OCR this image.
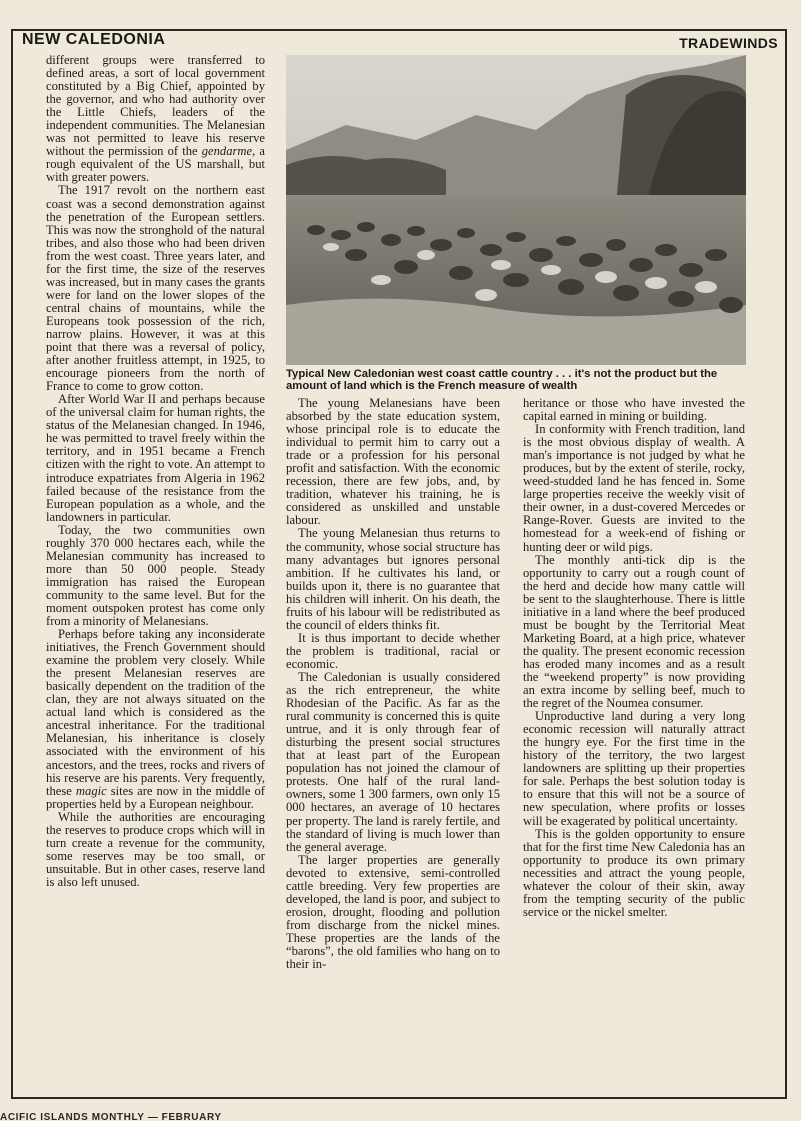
NEW CALEDONIA	TRADEWINDS

different groups were transferred to defined areas, a sort of local government constituted by a Big Chief, appointed by the governor, and who had authority over the Little Chiefs, leaders of the independent communities. The Melanesian was not permitted to leave his reserve without the permission of the gendarme, a rough equivalent of the US marshall, but with greater powers.

The 1917 revolt on the northern east coast was a second demonstration against the penetration of the European settlers. This was now the stronghold of the natural tribes, and also those who had been driven from the west coast. Three years later, and for the first time, the size of the reserves was increased, but in many cases the grants were for land on the lower slopes of the central chains of mountains, while the Europeans took possession of the rich, narrow plains. However, it was at this point that there was a reversal of policy, after another fruitless attempt, in 1925, to encourage pioneers from the north of France to come to grow cotton.

After World War II and perhaps because of the universal claim for human rights, the status of the Melanesian changed. In 1946, he was permitted to travel freely within the territory, and in 1951 became a French citizen with the right to vote. An attempt to introduce expatriates from Algeria in 1962 failed because of the resistance from the European population as a whole, and the landowners in particular.

Today, the two communities own roughly 370 000 hectares each, while the Melanesian community has increased to more than 50 000 people. Steady immigration has raised the European community to the same level. But for the moment outspoken protest has come only from a minority of Melanesians.

Perhaps before taking any inconsiderate initiatives, the French Government should examine the problem very closely. While the present Melanesian reserves are basically dependent on the tradition of the clan, they are not always situated on the actual land which is considered as the ancestral inheritance. For the traditional Melanesian, his inheritance is closely associated with the environment of his ancestors, and the trees, rocks and rivers of his reserve are his parents. Very frequently, these magic sites are now in the middle of properties held by a European neighbour.

While the authorities are encouraging the reserves to produce crops which will in turn create a revenue for the community, some reserves may be too small, or unsuitable. But in other cases, reserve land is also left unused.

Typical New Caledonian west coast cattle country . . . it's not the product but the amount of land which is the French measure of wealth

The young Melanesians have been absorbed by the state education system, whose principal role is to educate the individual to permit him to carry out a trade or a profession for his personal profit and satisfaction. With the economic recession, there are few jobs, and, by tradition, whatever his training, he is considered as unskilled and unstable labour.

The young Melanesian thus returns to the community, whose social structure has many advantages but ignores personal ambition. If he cultivates his land, or builds upon it, there is no guarantee that his children will inherit. On his death, the fruits of his labour will be redistributed as the council of elders thinks fit.

It is thus important to decide whether the problem is traditional, racial or economic.

The Caledonian is usually considered as the rich entrepreneur, the white Rhodesian of the Pacific. As far as the rural community is concerned this is quite untrue, and it is only through fear of disturbing the present social structures that at least part of the European population has not joined the clamour of protests. One half of the rural land-owners, some 1 300 farmers, own only 15 000 hectares, an average of 10 hectares per property. The land is rarely fertile, and the standard of living is much lower than the general average.

The larger properties are generally devoted to extensive, semi-controlled cattle breeding. Very few properties are developed, the land is poor, and subject to erosion, drought, flooding and pollution from discharge from the nickel mines. These properties are the lands of the “barons”, the old families who hang on to their in-

heritance or those who have invested the capital earned in mining or building.

In conformity with French tradition, land is the most obvious display of wealth. A man's importance is not judged by what he produces, but by the extent of sterile, rocky, weed-studded land he has fenced in. Some large properties receive the weekly visit of their owner, in a dust-covered Mercedes or Range-Rover. Guests are invited to the homestead for a week-end of fishing or hunting deer or wild pigs.

The monthly anti-tick dip is the opportunity to carry out a rough count of the herd and decide how many cattle will be sent to the slaughterhouse. There is little initiative in a land where the beef produced must be bought by the Territorial Meat Marketing Board, at a high price, whatever the quality. The present economic recession has eroded many incomes and as a result the “weekend property” is now providing an extra income by selling beef, much to the regret of the Noumea consumer.

Unproductive land during a very long economic recession will naturally attract the hungry eye. For the first time in the history of the territory, the two largest landowners are splitting up their properties for sale. Perhaps the best solution today is to ensure that this will not be a source of new speculation, where profits or losses will be exagerated by political uncertainty.

This is the golden opportunity to ensure that for the first time New Caledonia has an opportunity to produce its own primary necessities and attract the young people, whatever the colour of their skin, away from the tempting security of the public service or the nickel smelter.

ACIFIC ISLANDS MONTHLY — FEBRUARY
